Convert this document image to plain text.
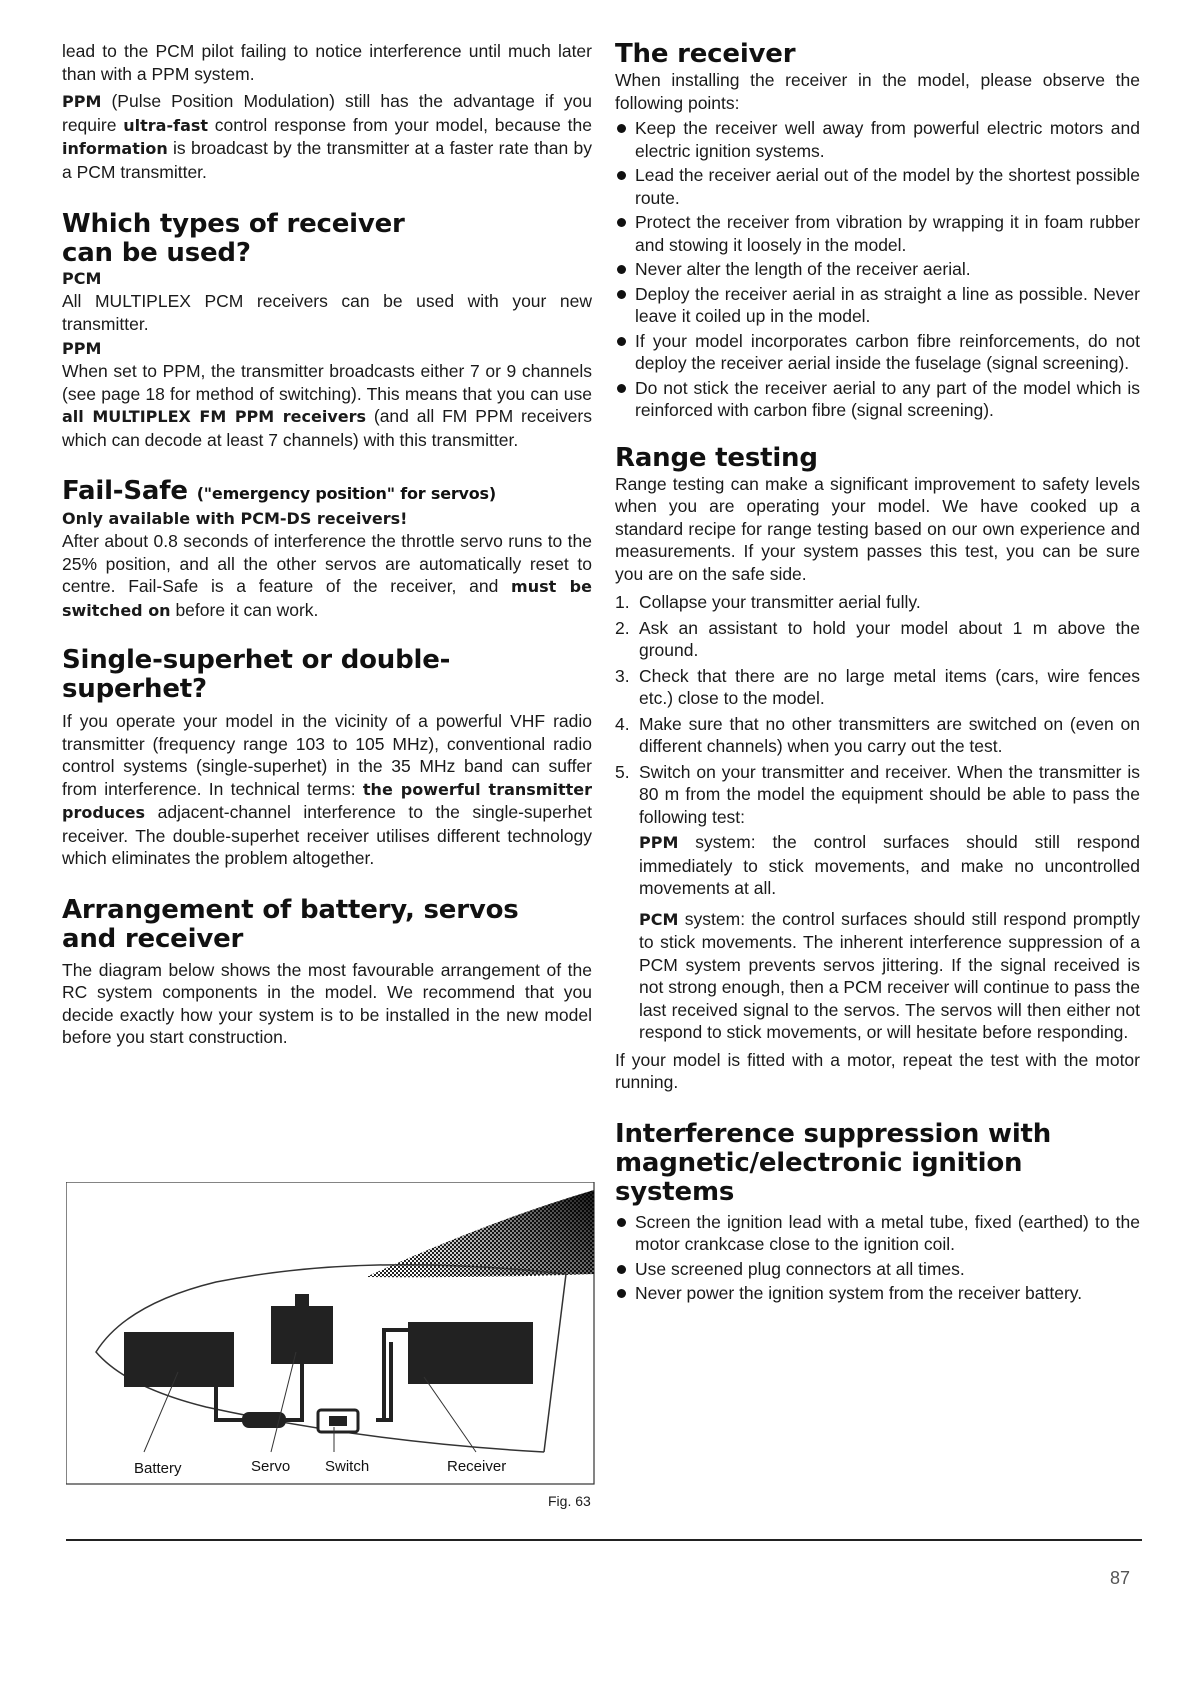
lead to the PCM pilot failing to notice interference until much later than with a PPM system.

PPM (Pulse Position Modulation) still has the advantage if you require ultra-fast control response from your model, because the information is broadcast by the transmitter at a faster rate than by a PCM transmitter.

Which types of receiver
can be used?
PCM

All MULTIPLEX PCM receivers can be used with your new transmitter.

PPM

When set to PPM, the transmitter broadcasts either 7 or 9 channels (see page 18 for method of switching). This means that you can use all MULTIPLEX FM PPM receivers (and all FM PPM receivers which can decode at least 7 channels) with this transmitter.

Fail-Safe ("emergency position" for servos)
Only available with PCM-DS receivers!

After about 0.8 seconds of interference the throttle servo runs to the 25% position, and all the other servos are automatically reset to centre. Fail-Safe is a feature of the receiver, and must be switched on before it can work.

Single-superhet or double-superhet?

If you operate your model in the vicinity of a powerful VHF radio transmitter (frequency range 103 to 105 MHz), conventional radio control systems (single-superhet) in the 35 MHz band can suffer from interference. In technical terms: the powerful transmitter produces adjacent-channel interference to the single-superhet receiver. The double-superhet receiver utilises different technology which eliminates the problem altogether.

Arrangement of battery, servos
and receiver

The diagram below shows the most favourable arrangement of the RC system components in the model. We recommend that you decide exactly how your system is to be installed in the new model before you start construction.

Battery	Servo Switch	Receiver
Fig. 63
The receiver

When installing the receiver in the model, please observe the following points:

Keep the receiver well away from powerful electric motors and electric ignition systems.
Lead the receiver aerial out of the model by the shortest possible route.
Protect the receiver from vibration by wrapping it in foam rubber and stowing it loosely in the model.
Never alter the length of the receiver aerial.
Deploy the receiver aerial in as straight a line as possible. Never leave it coiled up in the model.
If your model incorporates carbon fibre reinforcements, do not deploy the receiver aerial inside the fuselage (signal screening).
Do not stick the receiver aerial to any part of the model which is reinforced with carbon fibre (signal screening).
Range testing

Range testing can make a significant improvement to safety levels when you are operating your model. We have cooked up a standard recipe for range testing based on our own experience and measurements. If your system passes this test, you can be sure you are on the safe side.

1. Collapse your transmitter aerial fully.
2. Ask an assistant to hold your model about 1 m above the ground.
3. Check that there are no large metal items (cars, wire fences etc.) close to the model.
4. Make sure that no other transmitters are switched on (even on different channels) when you carry out the test.
5. Switch on your transmitter and receiver. When the transmitter is 80 m from the model the equipment should be able to pass the following test:

PPM system: the control surfaces should still respond immediately to stick movements, and make no uncontrolled movements at all.

PCM system: the control surfaces should still respond promptly to stick movements. The inherent interference suppression of a PCM system prevents servos jittering. If the signal received is not strong enough, then a PCM receiver will continue to pass the last received signal to the servos. The servos will then either not respond to stick movements, or will hesitate before responding.

If your model is fitted with a motor, repeat the test with the motor running.

Interference suppression with
magnetic/electronic ignition systems
Screen the ignition lead with a metal tube, fixed (earthed) to the motor crankcase close to the ignition coil.
Use screened plug connectors at all times.
Never power the ignition system from the receiver battery.
87
